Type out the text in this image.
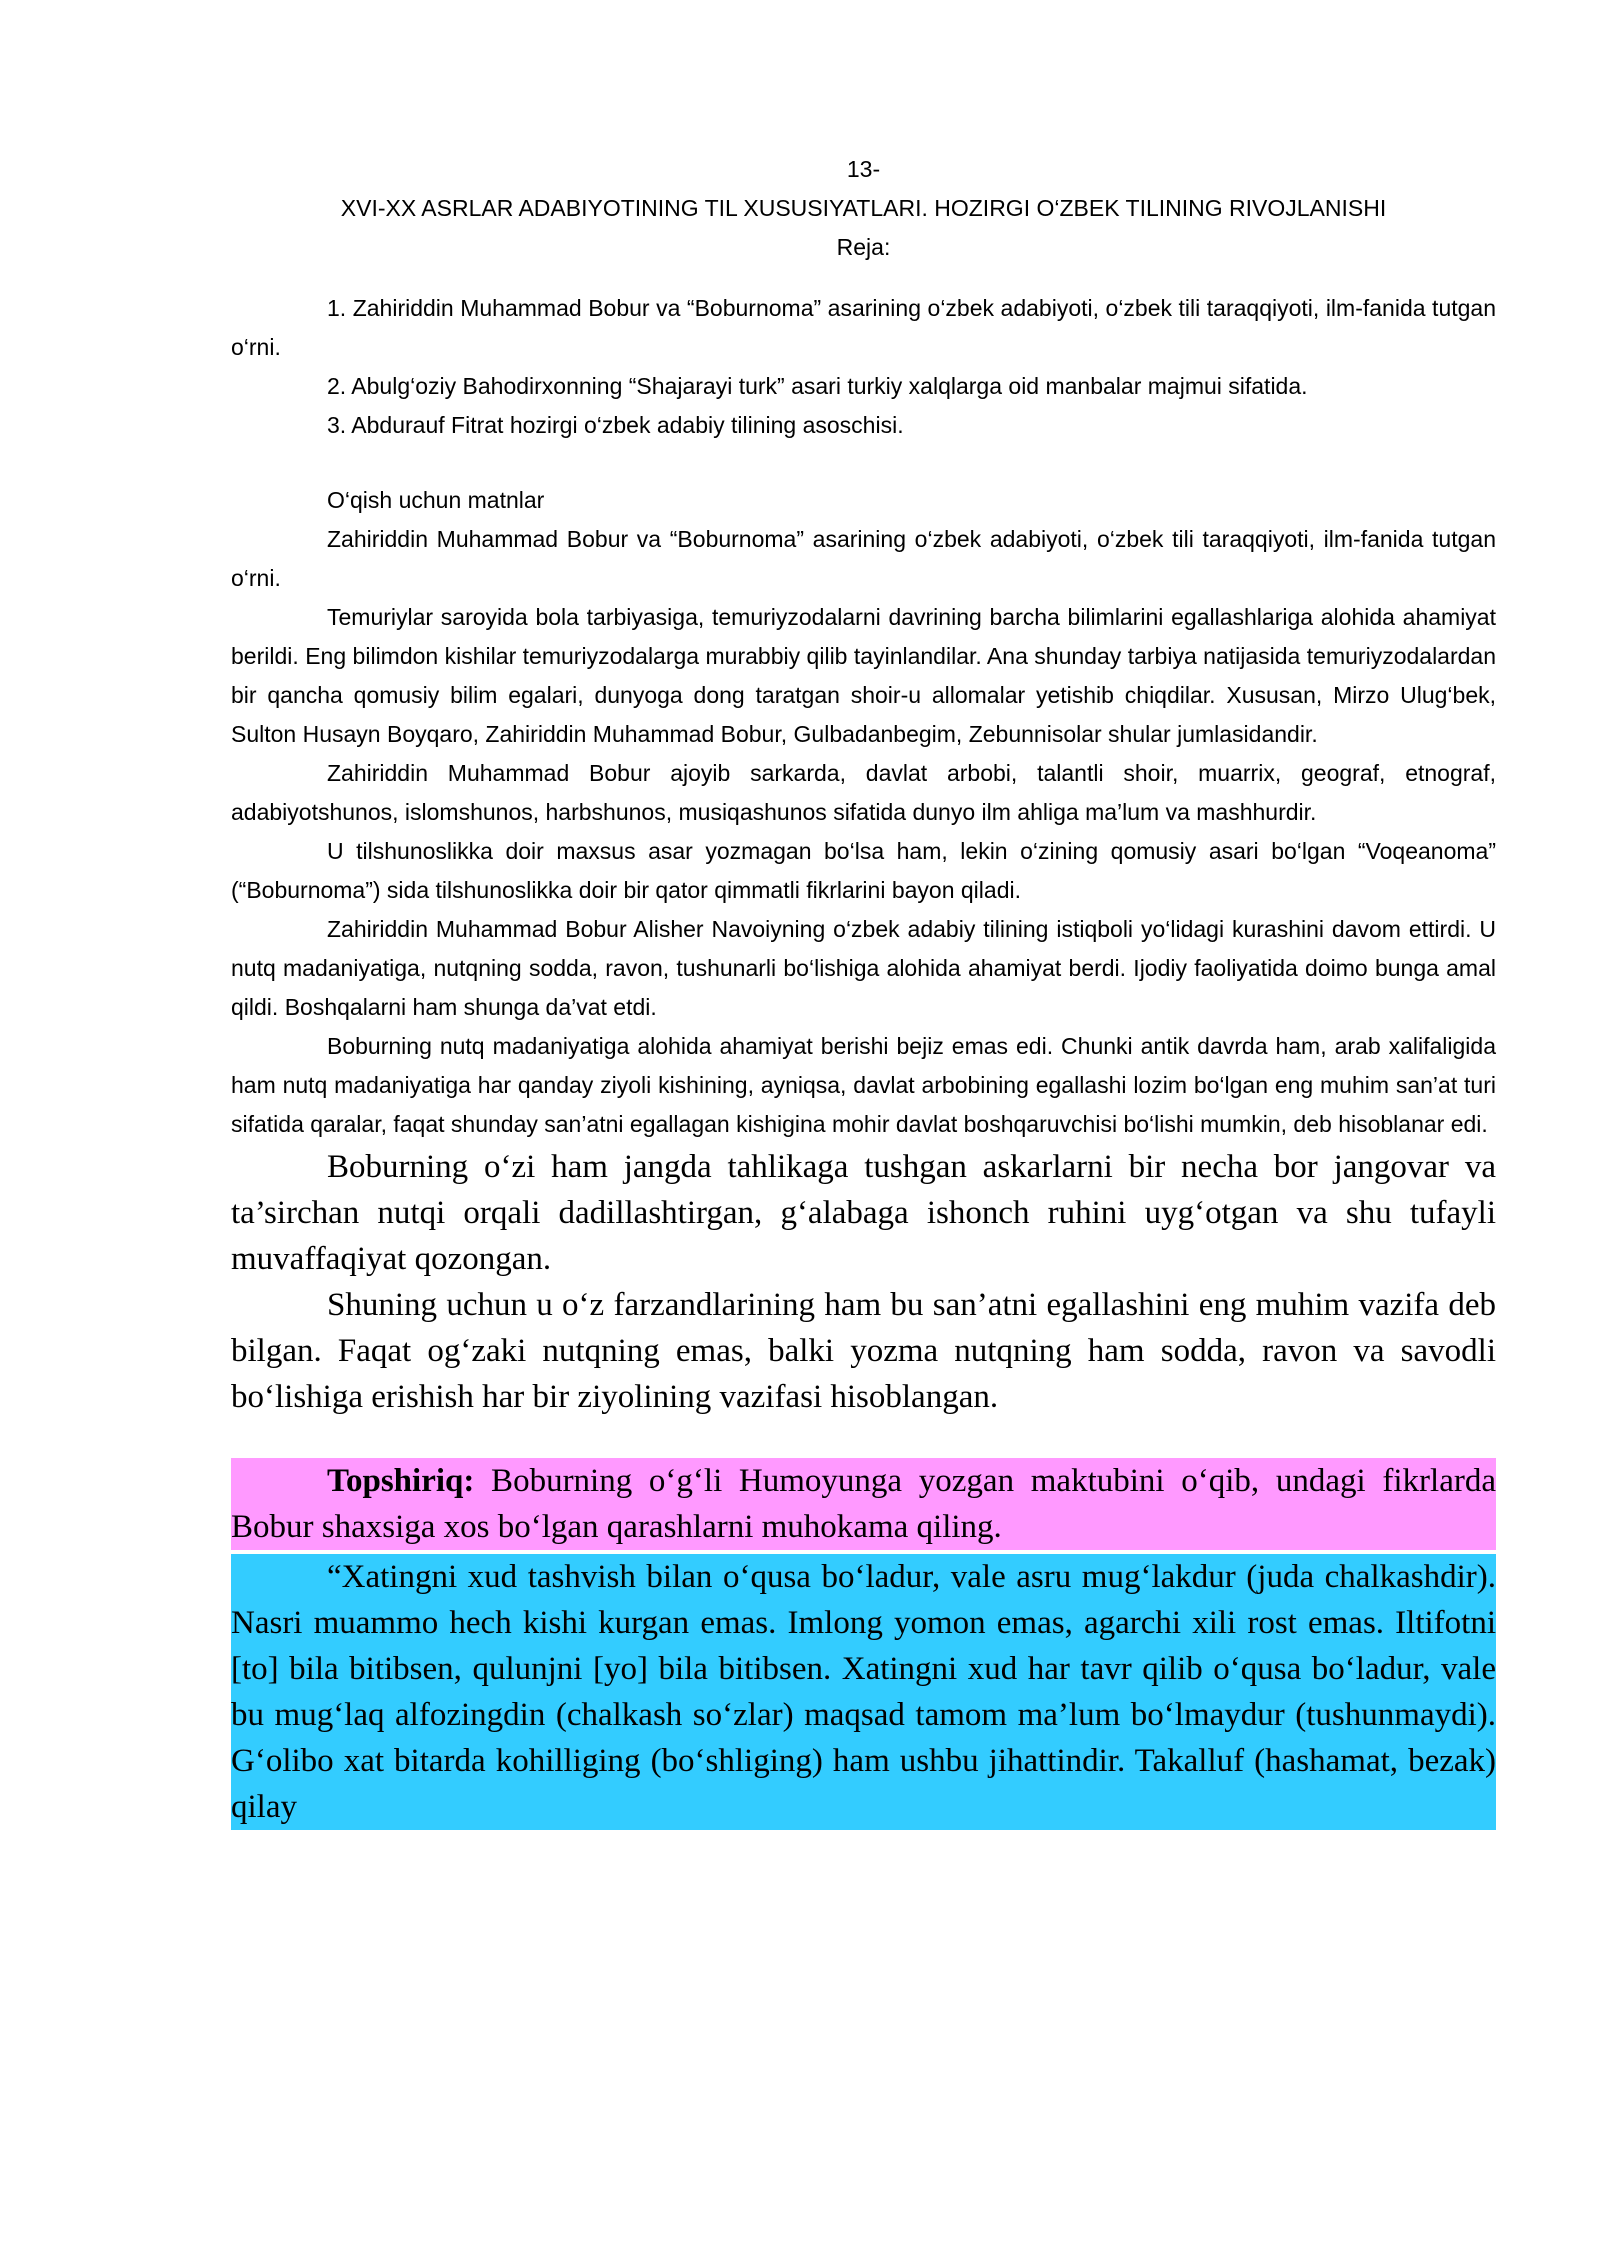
13-
XVI-XX ASRLAR ADABIYOTINING TIL XUSUSIYATLARI. HOZIRGI O‘ZBEK TILINING RIVOJLANISHI
Reja:

1. Zahiriddin Muhammad Bobur va “Boburnoma” asarining o‘zbek adabiyoti, o‘zbek tili taraqqiyoti, ilm-fanida tutgan o‘rni.

2. Abulg‘oziy Bahodirxonning “Shajarayi turk” asari turkiy xalqlarga oid manbalar majmui sifatida.

3. Abdurauf Fitrat hozirgi o‘zbek adabiy tilining asoschisi.

O‘qish uchun matnlar

Zahiriddin Muhammad Bobur va “Boburnoma” asarining o‘zbek adabiyoti, o‘zbek tili taraqqiyoti, ilm-fanida tutgan o‘rni.

Temuriylar saroyida bola tarbiyasiga, temuriyzodalarni davrining barcha bilimlarini egallashlariga alohida ahamiyat berildi. Eng bilimdon kishilar temuriyzodalarga murabbiy qilib tayinlandilar. Ana shunday tarbiya natijasida temuriyzodalardan bir qancha qomusiy bilim egalari, dunyoga dong taratgan shoir-u allomalar yetishib chiqdilar. Xususan, Mirzo Ulug‘bek, Sulton Husayn Boyqaro, Zahiriddin Muhammad Bobur, Gulbadanbegim, Zebunnisolar shular jumlasidandir.

Zahiriddin Muhammad Bobur ajoyib sarkarda, davlat arbobi, talantli shoir, muarrix, geograf, etnograf, adabiyotshunos, islomshunos, harbshunos, musiqashunos sifatida dunyo ilm ahliga ma’lum va mashhurdir.

U tilshunoslikka doir maxsus asar yozmagan bo‘lsa ham, lekin o‘zining qomusiy asari bo‘lgan “Voqeanoma” (“Boburnoma”) sida tilshunoslikka doir bir qator qimmatli fikrlarini bayon qiladi.

Zahiriddin Muhammad Bobur Alisher Navoiyning o‘zbek adabiy tilining istiqboli yo‘lidagi kurashini davom ettirdi. U nutq madaniyatiga, nutqning sodda, ravon, tushunarli bo‘lishiga alohida ahamiyat berdi. Ijodiy faoliyatida doimo bunga amal qildi. Boshqalarni ham shunga da’vat etdi.

Boburning nutq madaniyatiga alohida ahamiyat berishi bejiz emas edi. Chunki antik davrda ham, arab xalifaligida ham nutq madaniyatiga har qanday ziyoli kishining, ayniqsa, davlat arbobining egallashi lozim bo‘lgan eng muhim san’at turi sifatida qaralar, faqat shunday san’atni egallagan kishigina mohir davlat boshqaruvchisi bo‘lishi mumkin, deb hisoblanar edi.

Boburning o‘zi ham jangda tahlikaga tushgan askarlarni bir necha bor jangovar va ta’sirchan nutqi orqali dadillashtirgan, g‘alabaga ishonch ruhini uyg‘otgan va shu tufayli muvaffaqiyat qozongan.

Shuning uchun u o‘z farzandlarining ham bu san’atni egallashini eng muhim vazifa deb bilgan. Faqat og‘zaki nutqning emas, balki yozma nutqning ham sodda, ravon va savodli bo‘lishiga erishish har bir ziyolining vazifasi hisoblangan.

Topshiriq: Boburning o‘g‘li Humoyunga yozgan maktubini o‘qib, undagi fikrlarda Bobur shaxsiga xos bo‘lgan qarashlarni muhokama qiling.

“Xatingni xud tashvish bilan o‘qusa bo‘ladur, vale asru mug‘lakdur (juda chalkashdir). Nasri muammo hech kishi kurgan emas. Imlong yomon emas, agarchi xili rost emas. Iltifotni [to] bila bitibsen, qulunjni [yo] bila bitibsen. Xatingni xud har tavr qilib o‘qusa bo‘ladur, vale bu mug‘laq alfozingdin (chalkash so‘zlar) maqsad tamom ma’lum bo‘lmaydur (tushunmaydi). G‘olibo xat bitarda kohilliging (bo‘shliging) ham ushbu jihattindir. Takalluf (hashamat, bezak) qilay
